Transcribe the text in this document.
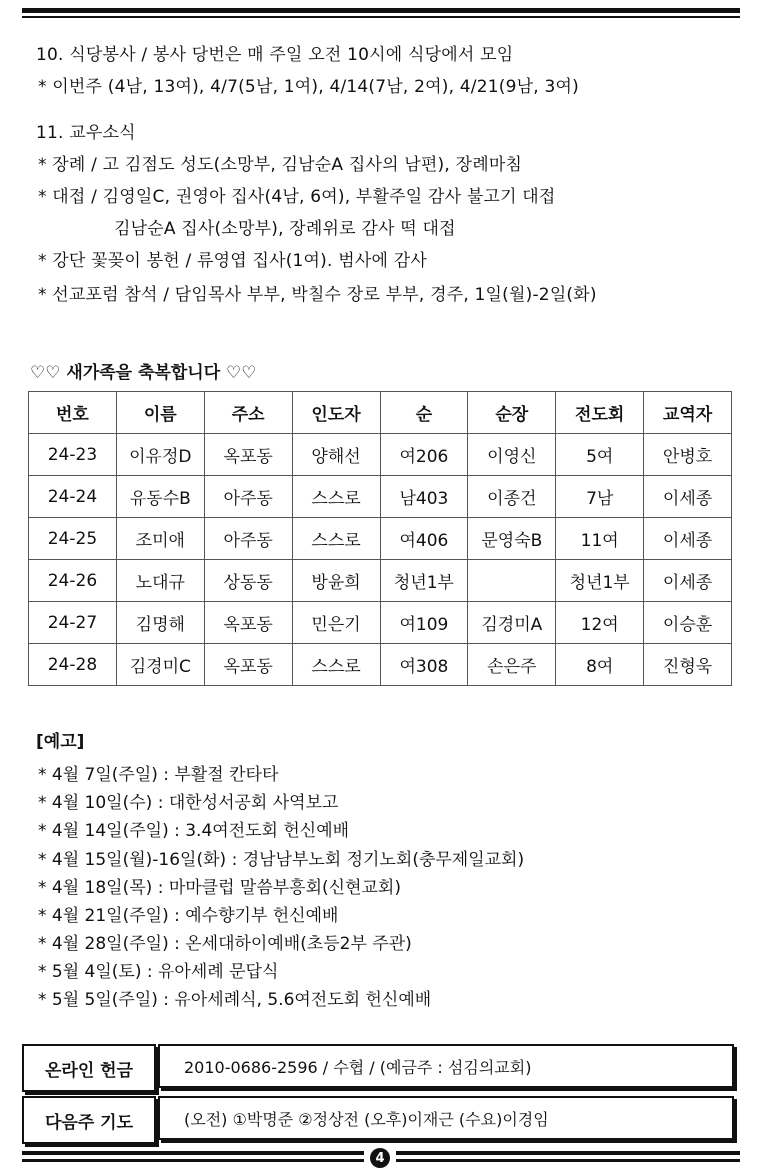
10. 식당봉사 / 봉사 당번은 매 주일 오전 10시에 식당에서 모임
* 이번주 (4남, 13여), 4/7(5남, 1여), 4/14(7남, 2여), 4/21(9남, 3여)
11. 교우소식
* 장례 / 고 김점도 성도(소망부, 김남순A 집사의 남편), 장례마침
* 대접 / 김영일C, 권영아 집사(4남, 6여), 부활주일 감사 불고기 대접
김남순A 집사(소망부), 장례위로 감사 떡 대접
* 강단 꽃꽂이 봉헌 / 류영엽 집사(1여). 범사에 감사
* 선교포럼 참석 / 담임목사 부부, 박칠수 장로 부부, 경주, 1일(월)-2일(화)
♡♡ 새가족을 축복합니다 ♡♡
번호	이름	주소	인도자	순	순장	전도회	교역자
24-23	이유정D	옥포동	양해선	여206	이영신	5여	안병호
24-24	유동수B	아주동	스스로	남403	이종건	7남	이세종
24-25	조미애	아주동	스스로	여406	문영숙B	11여	이세종
24-26	노대규	상동동	방윤희	청년1부		청년1부	이세종
24-27	김명해	옥포동	민은기	여109	김경미A	12여	이승훈
24-28	김경미C	옥포동	스스로	여308	손은주	8여	진형욱
[예고]
* 4월 7일(주일) : 부활절 칸타타
* 4월 10일(수) : 대한성서공회 사역보고
* 4월 14일(주일) : 3.4여전도회 헌신예배
* 4월 15일(월)-16일(화) : 경남남부노회 정기노회(충무제일교회)
* 4월 18일(목) : 마마클럽 말씀부흥회(신현교회)
* 4월 21일(주일) : 예수향기부 헌신예배
* 4월 28일(주일) : 온세대하이예배(초등2부 주관)
* 5월 4일(토) : 유아세례 문답식
* 5월 5일(주일) : 유아세례식, 5.6여전도회 헌신예배
온라인 헌금	2010-0686-2596 / 수협 / (예금주 : 섬김의교회)
다음주 기도	(오전) ①박명준 ②정상전 (오후)이재근 (수요)이경임
4
